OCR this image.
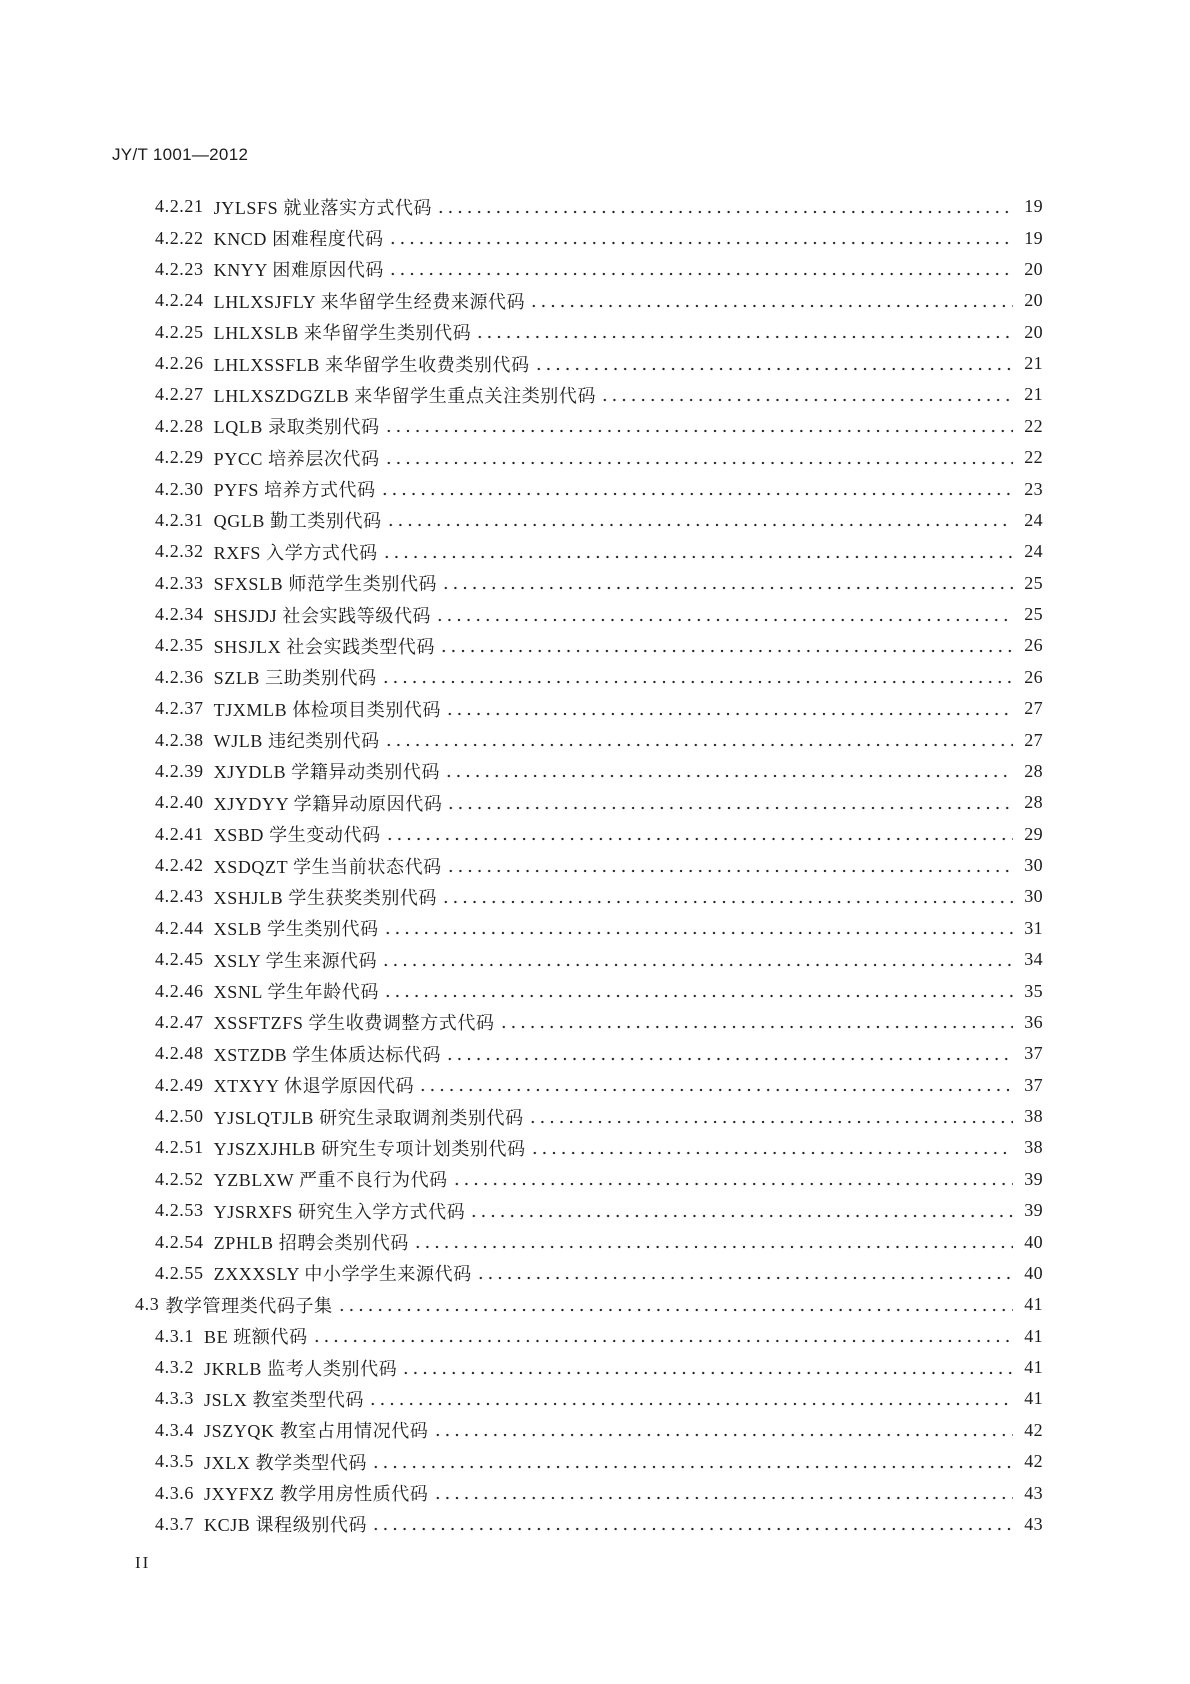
JY/T 1001—2012
4.2.21 JYLSFS 就业落实方式代码	19
4.2.22 KNCD 困难程度代码	19
4.2.23 KNYY 困难原因代码	20
4.2.24 LHLXSJFLY 来华留学生经费来源代码	20
4.2.25 LHLXSLB 来华留学生类别代码	20
4.2.26 LHLXSSFLB 来华留学生收费类别代码	21
4.2.27 LHLXSZDGZLB 来华留学生重点关注类别代码	21
4.2.28 LQLB 录取类别代码	22
4.2.29 PYCC 培养层次代码	22
4.2.30 PYFS 培养方式代码	23
4.2.31 QGLB 勤工类别代码	24
4.2.32 RXFS 入学方式代码	24
4.2.33 SFXSLB 师范学生类别代码	25
4.2.34 SHSJDJ 社会实践等级代码	25
4.2.35 SHSJLX 社会实践类型代码	26
4.2.36 SZLB 三助类别代码	26
4.2.37 TJXMLB 体检项目类别代码	27
4.2.38 WJLB 违纪类别代码	27
4.2.39 XJYDLB 学籍异动类别代码	28
4.2.40 XJYDYY 学籍异动原因代码	28
4.2.41 XSBD 学生变动代码	29
4.2.42 XSDQZT 学生当前状态代码	30
4.2.43 XSHJLB 学生获奖类别代码	30
4.2.44 XSLB 学生类别代码	31
4.2.45 XSLY 学生来源代码	34
4.2.46 XSNL 学生年龄代码	35
4.2.47 XSSFTZFS 学生收费调整方式代码	36
4.2.48 XSTZDB 学生体质达标代码	37
4.2.49 XTXYY 休退学原因代码	37
4.2.50 YJSLQTJLB 研究生录取调剂类别代码	38
4.2.51 YJSZXJHLB 研究生专项计划类别代码	38
4.2.52 YZBLXW 严重不良行为代码	39
4.2.53 YJSRXFS 研究生入学方式代码	39
4.2.54 ZPHLB 招聘会类别代码	40
4.2.55 ZXXXSLY 中小学学生来源代码	40
4.3 教学管理类代码子集	41
4.3.1 BE 班额代码	41
4.3.2 JKRLB 监考人类别代码	41
4.3.3 JSLX 教室类型代码	41
4.3.4 JSZYQK 教室占用情况代码	42
4.3.5 JXLX 教学类型代码	42
4.3.6 JXYFXZ 教学用房性质代码	43
4.3.7 KCJB 课程级别代码	43
II
